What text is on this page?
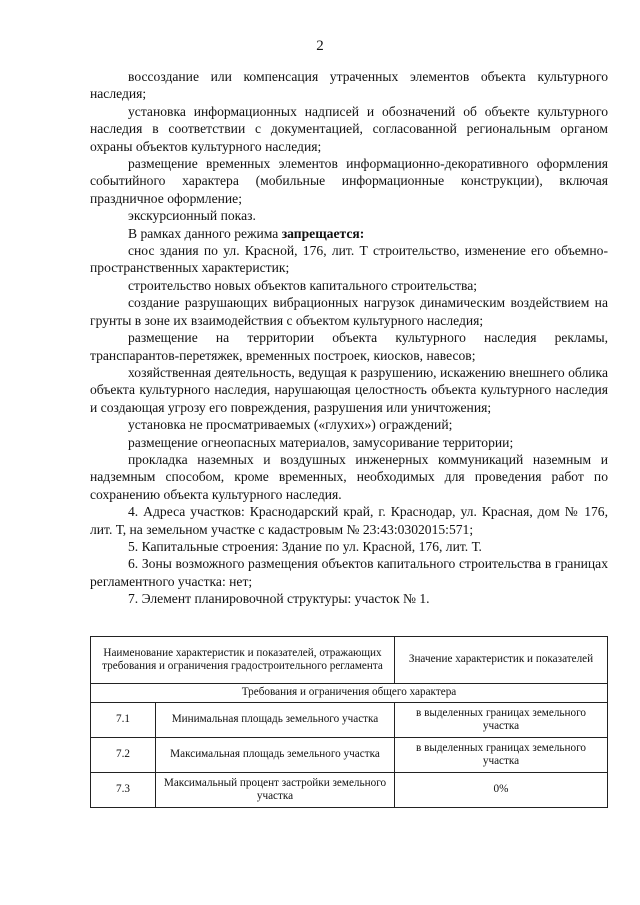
2

воссоздание или компенсация утраченных элементов объекта культурного наследия;

установка информационных надписей и обозначений об объекте культурного наследия в соответствии с документацией, согласованной региональным органом охраны объектов культурного наследия;

размещение временных элементов информационно-декоративного оформления событийного характера (мобильные информационные конструкции), включая праздничное оформление;

экскурсионный показ.

В рамках данного режима запрещается:

снос здания по ул. Красной, 176, лит. Т строительство, изменение его объемно-пространственных характеристик;

строительство новых объектов капитального строительства;

создание разрушающих вибрационных нагрузок динамическим воздействием на грунты в зоне их взаимодействия с объектом культурного наследия;

размещение на территории объекта культурного наследия рекламы, транспарантов-перетяжек, временных построек, киосков, навесов;

хозяйственная деятельность, ведущая к разрушению, искажению внешнего облика объекта культурного наследия, нарушающая целостность объекта культурного наследия и создающая угрозу его повреждения, разрушения или уничтожения;

установка не просматриваемых («глухих») ограждений;

размещение огнеопасных материалов, замусоривание территории;

прокладка наземных и воздушных инженерных коммуникаций наземным и надземным способом, кроме временных, необходимых для проведения работ по сохранению объекта культурного наследия.

4. Адреса участков: Краснодарский край, г. Краснодар, ул. Красная, дом № 176, лит. Т, на земельном участке с кадастровым № 23:43:0302015:571;

5. Капитальные строения: Здание по ул. Красной, 176, лит. Т.

6. Зоны возможного размещения объектов капитального строительства в границах регламентного участка: нет;

7. Элемент планировочной структуры: участок № 1.

Наименование характеристик и показателей, отражающих требования и ограничения градостроительного регламента		Значение характеристик и показателей
Требования и ограничения общего характера		
7.1	Минимальная площадь земельного участка	в выделенных границах земельного участка
7.2	Максимальная площадь земельного участка	в выделенных границах земельного участка
7.3	Максимальный процент застройки земельного участка	0%
